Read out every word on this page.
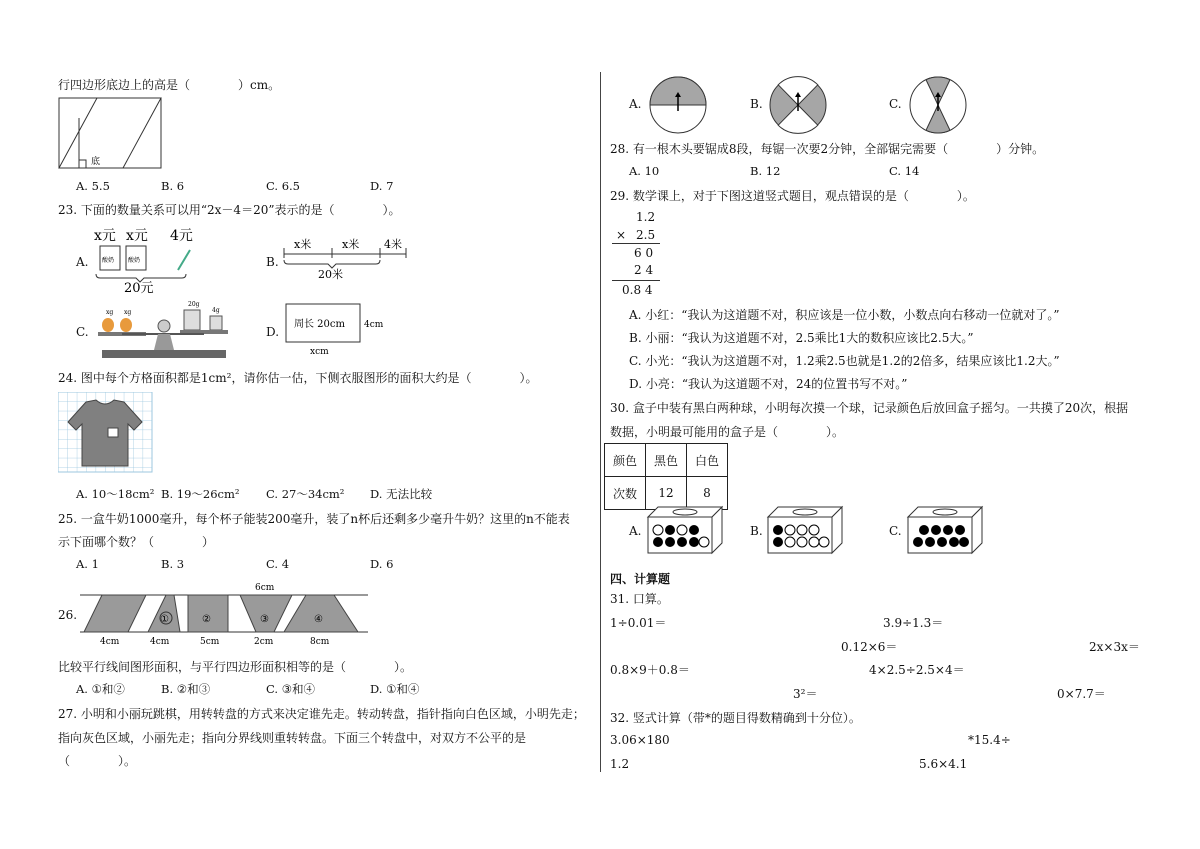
行四边形底边上的高是（　　　　）cm。
底
A. 5.5	B. 6	C. 6.5	D. 7
23. 下面的数量关系可以用“2x－4＝20”表示的是（　　　　）。
A.
x元 x元 4元
酸奶 酸奶
20元
B.
x米	x米 4米
20米
C.
xg xg
20g
4g
D.
周长 20cm 4cm
xcm
24. 图中每个方格面积都是1cm²，请你估一估，下侧衣服图形的面积大约是（　　　　）。
A. 10～18cm² B. 19～26cm² C. 27～34cm² D. 无法比较
25. 一盒牛奶1000毫升，每个杯子能装200毫升，装了n杯后还剩多少毫升牛奶？这里的n不能表
示下面哪个数？（　　　　）
A. 1	B. 3	C. 4	D. 6
26.
6cm
①	②	③	④
4cm	4cm	5cm	2cm	8cm
比较平行线间图形面积，与平行四边形面积相等的是（　　　　）。
A. ①和②	B. ②和③	C. ③和④	D. ①和④
27. 小明和小丽玩跳棋，用转转盘的方式来决定谁先走。转动转盘，指针指向白色区域，小明先走；
指向灰色区域，小丽先走；指向分界线则重转转盘。下面三个转盘中，对双方不公平的是
（　　　　）。
A.	B.	C.
28. 有一根木头要锯成8段，每锯一次要2分钟，全部锯完需要（　　　　）分钟。
A. 10	B. 12	C. 14
29. 数学课上，对于下图这道竖式题目，观点错误的是（　　　　）。
1.2
× 2.5
6 0
2 4
0.8 4
A. 小红：“我认为这道题不对，积应该是一位小数，小数点向右移动一位就对了。”
B. 小丽：“我认为这道题不对，2.5乘比1大的数积应该比2.5大。”
C. 小光：“我认为这道题不对，1.2乘2.5也就是1.2的2倍多，结果应该比1.2大。”
D. 小亮：“我认为这道题不对，24的位置书写不对。”
30. 盒子中装有黑白两种球，小明每次摸一个球，记录颜色后放回盒子摇匀。一共摸了20次，根据
数据，小明最可能用的盒子是（　　　　）。
颜色	黑色	白色
次数	12	8
A.	B.	C.
四、计算题
31. 口算。
1÷0.01＝	3.9÷1.3＝
0.12×6＝	2x×3x＝
0.8×9＋0.8＝	4×2.5÷2.5×4＝
3²＝	0×7.7＝
32. 竖式计算（带*的题目得数精确到十分位）。
3.06×180	*15.4÷
1.2	5.6×4.1
